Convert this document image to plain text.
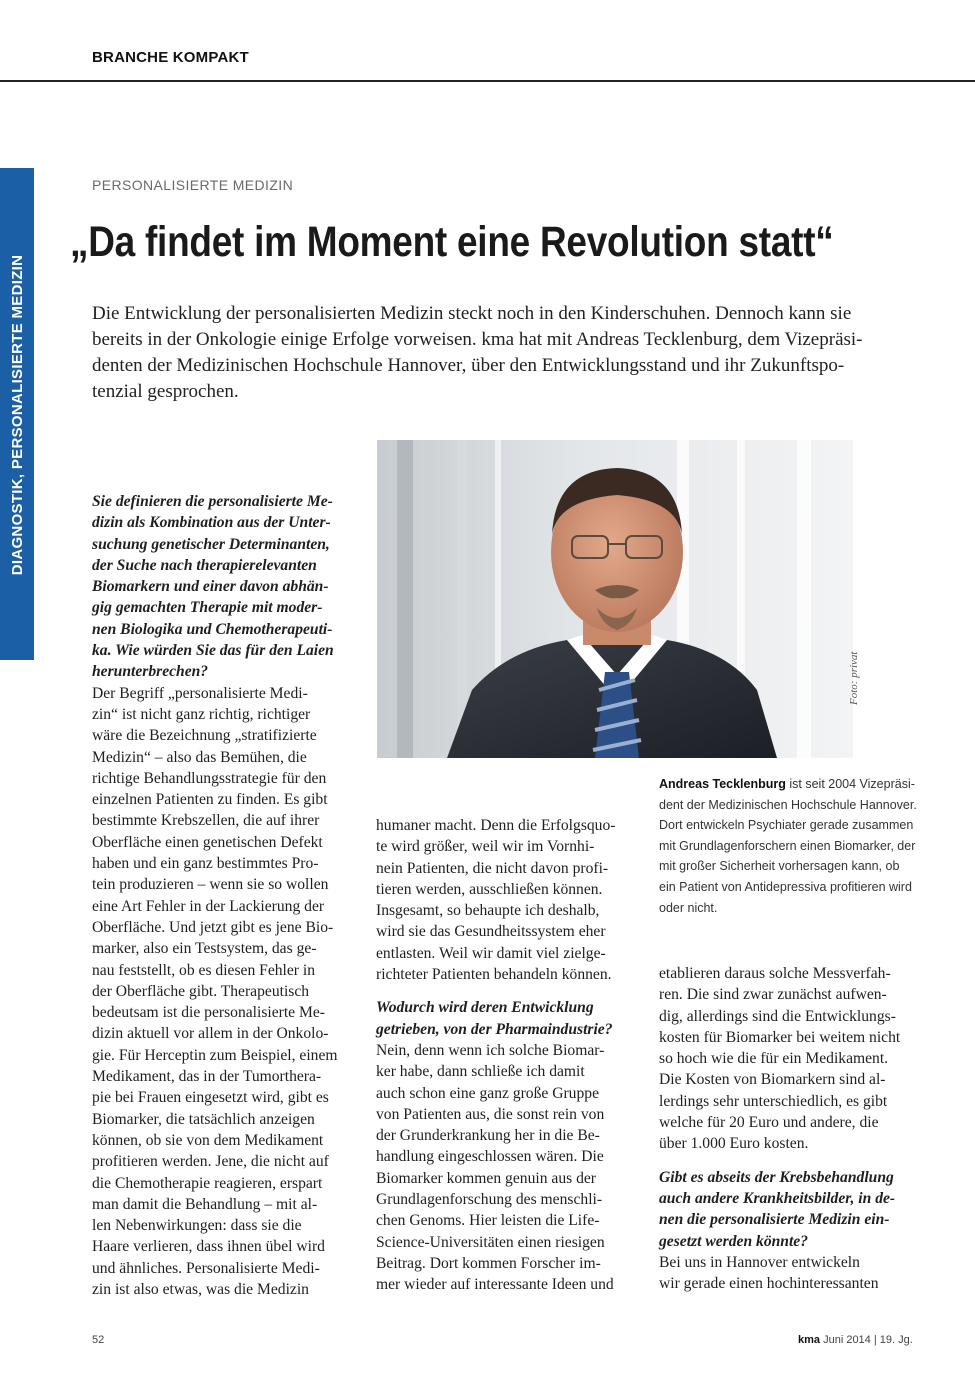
BRANCHE KOMPAKT
DIAGNOSTIK, PERSONALISIERTE MEDIZIN
PERSONALISIERTE MEDIZIN
„Da findet im Moment eine Revolution statt“
Die Entwicklung der personalisierten Medizin steckt noch in den Kinderschuhen. Dennoch kann sie
bereits in der Onkologie einige Erfolge vorweisen. kma hat mit Andreas Tecklenburg, dem Vizepräsi-
denten der Medizinischen Hochschule Hannover, über den Entwicklungsstand und ihr Zukunftspo-
tenzial gesprochen.
Foto: privat
Andreas Tecklenburg ist seit 2004 Vizepräsi-
dent der Medizinischen Hochschule Hannover.
Dort entwickeln Psychiater gerade zusammen
mit Grundlagenforschern einen Biomarker, der
mit großer Sicherheit vorhersagen kann, ob
ein Patient von Antidepressiva profitieren wird
oder nicht.
Sie definieren die personalisierte Me-
dizin als Kombination aus der Unter-
suchung genetischer Determinanten,
der Suche nach therapierelevanten
Biomarkern und einer davon abhän-
gig gemachten Therapie mit moder-
nen Biologika und Chemotherapeuti-
ka. Wie würden Sie das für den Laien
herunterbrechen?
Der Begriff „personalisierte Medi-
zin“ ist nicht ganz richtig, richtiger
wäre die Bezeichnung „stratifizierte
Medizin“ – also das Bemühen, die
richtige Behandlungsstrategie für den
einzelnen Patienten zu finden. Es gibt
bestimmte Krebszellen, die auf ihrer
Oberfläche einen genetischen Defekt
haben und ein ganz bestimmtes Pro-
tein produzieren – wenn sie so wollen
eine Art Fehler in der Lackierung der
Oberfläche. Und jetzt gibt es jene Bio-
marker, also ein Testsystem, das ge-
nau feststellt, ob es diesen Fehler in
der Oberfläche gibt. Therapeutisch
bedeutsam ist die personalisierte Me-
dizin aktuell vor allem in der Onkolo-
gie. Für Herceptin zum Beispiel, einem
Medikament, das in der Tumorthera-
pie bei Frauen eingesetzt wird, gibt es
Biomarker, die tatsächlich anzeigen
können, ob sie von dem Medikament
profitieren werden. Jene, die nicht auf
die Chemotherapie reagieren, erspart
man damit die Behandlung – mit al-
len Nebenwirkungen: dass sie die
Haare verlieren, dass ihnen übel wird
und ähnliches. Personalisierte Medi-
zin ist also etwas, was die Medizin
humaner macht. Denn die Erfolgsquo-
te wird größer, weil wir im Vornhi-
nein Patienten, die nicht davon profi-
tieren werden, ausschließen können.
Insgesamt, so behaupte ich deshalb,
wird sie das Gesundheitssystem eher
entlasten. Weil wir damit viel zielge-
richteter Patienten behandeln können.
Wodurch wird deren Entwicklung
getrieben, von der Pharmaindustrie?
Nein, denn wenn ich solche Biomar-
ker habe, dann schließe ich damit
auch schon eine ganz große Gruppe
von Patienten aus, die sonst rein von
der Grunderkrankung her in die Be-
handlung eingeschlossen wären. Die
Biomarker kommen genuin aus der
Grundlagenforschung des menschli-
chen Genoms. Hier leisten die Life-
Science-Universitäten einen riesigen
Beitrag. Dort kommen Forscher im-
mer wieder auf interessante Ideen und
etablieren daraus solche Messverfah-
ren. Die sind zwar zunächst aufwen-
dig, allerdings sind die Entwicklungs-
kosten für Biomarker bei weitem nicht
so hoch wie die für ein Medikament.
Die Kosten von Biomarkern sind al-
lerdings sehr unterschiedlich, es gibt
welche für 20 Euro und andere, die
über 1.000 Euro kosten.
Gibt es abseits der Krebsbehandlung
auch andere Krankheitsbilder, in de-
nen die personalisierte Medizin ein-
gesetzt werden könnte?
Bei uns in Hannover entwickeln
wir gerade einen hochinteressanten
52	kma Juni 2014 | 19. Jg.
